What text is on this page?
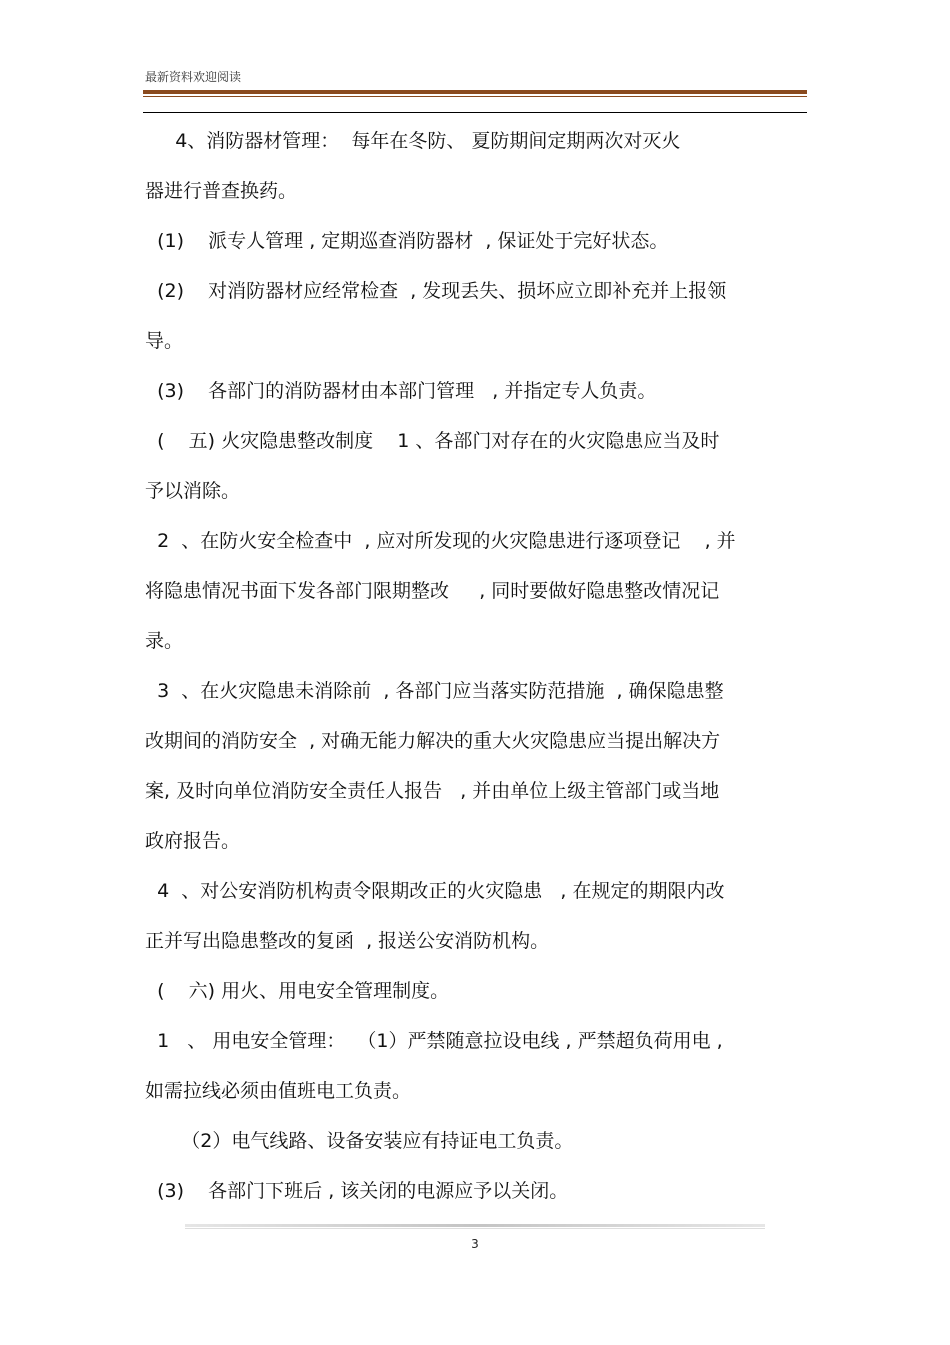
最新资料欢迎阅读
4、消防器材管理：  每年在冬防、 夏防期间定期两次对灭火
器进行普查换药。
(1)    派专人管理 , 定期巡查消防器材  , 保证处于完好状态。
(2)    对消防器材应经常检查  , 发现丢失、损坏应立即补充并上报领
导。
(3)    各部门的消防器材由本部门管理   , 并指定专人负责。
(    五) 火灾隐患整改制度    1 、各部门对存在的火灾隐患应当及时
予以消除。
2  、在防火安全检查中  , 应对所发现的火灾隐患进行逐项登记    , 并
将隐患情况书面下发各部门限期整改     , 同时要做好隐患整改情况记
录。
3  、在火灾隐患未消除前  , 各部门应当落实防范措施  , 确保隐患整
改期间的消防安全  , 对确无能力解决的重大火灾隐患应当提出解决方
案, 及时向单位消防安全责任人报告   , 并由单位上级主管部门或当地
政府报告。
4  、对公安消防机构责令限期改正的火灾隐患   , 在规定的期限内改
正并写出隐患整改的复函  , 报送公安消防机构。
(    六) 用火、用电安全管理制度。
1   、 用电安全管理：  （1）严禁随意拉设电线 , 严禁超负荷用电 ,
如需拉线必须由值班电工负责。
（2）电气线路、设备安装应有持证电工负责。
(3)    各部门下班后 , 该关闭的电源应予以关闭。
3
